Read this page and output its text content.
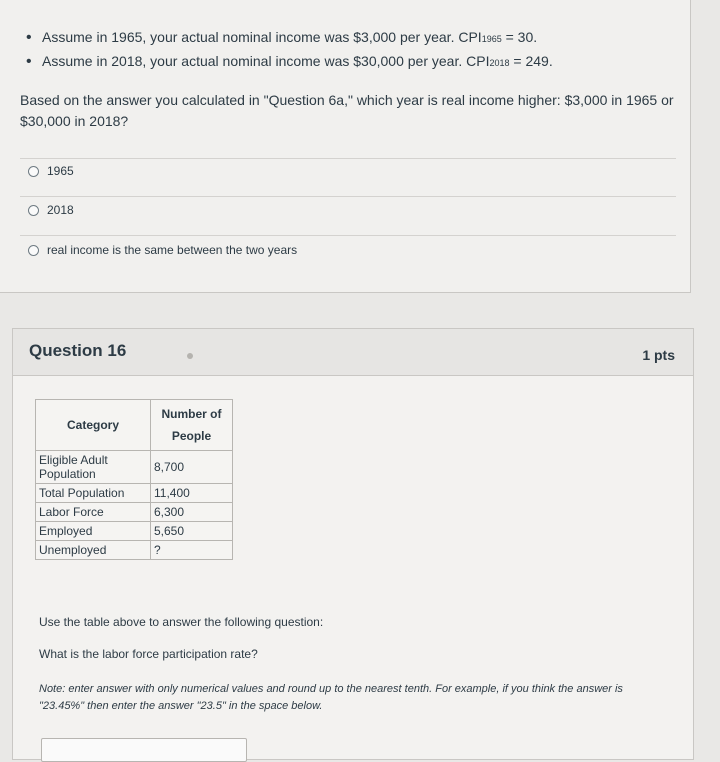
• Assume in 1965, your actual nominal income was $3,000 per year. CPI1965 = 30.
• Assume in 2018, your actual nominal income was $30,000 per year. CPI2018 = 249.
Based on the answer you calculated in "Question 6a," which year is real income higher: $3,000 in 1965 or $30,000 in 2018?
1965
2018
real income is the same between the two years
Question 16	1 pts
Category	Number of People
Eligible Adult Population	8,700
Total Population	11,400
Labor Force	6,300
Employed	5,650
Unemployed	?
Use the table above to answer the following question:
What is the labor force participation rate?
Note: enter answer with only numerical values and round up to the nearest tenth. For example, if you think the answer is "23.45%" then enter the answer "23.5" in the space below.
